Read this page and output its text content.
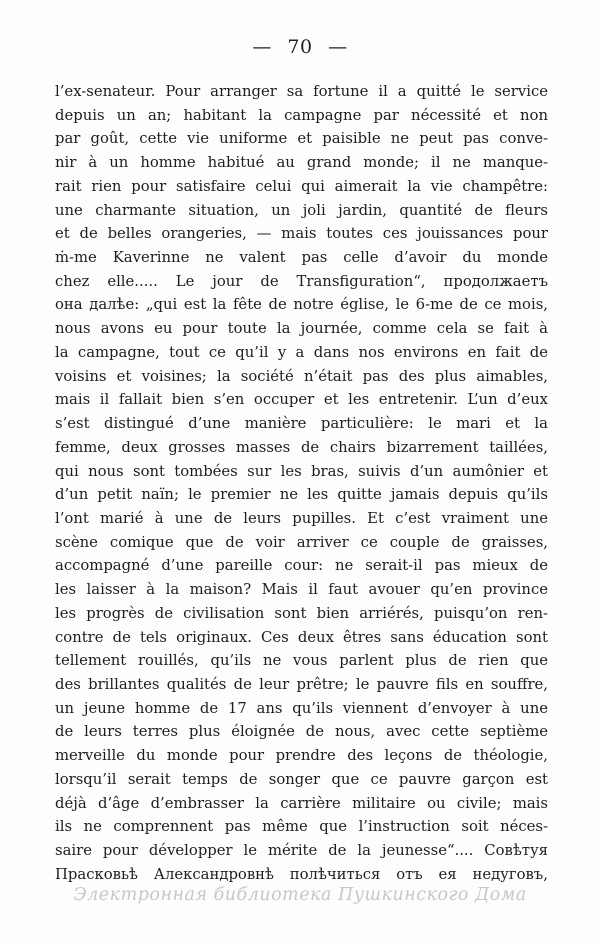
— 70 —
l’ex-senateur. Pour arranger sa fortune il a quitté le service
depuis un an; habitant la campagne par nécessité et non
par goût, cette vie uniforme et paisible ne peut pas conve-
nir à un homme habitué au grand monde; il ne manque-
rait rien pour satisfaire celui qui aimerait la vie champêtre:
une charmante situation, un joli jardin, quantité de fleurs
et de belles orangeries, — mais toutes ces jouissances pour
ṁ-me Kaverinne ne valent pas celle d’avoir du monde
chez elle..... Le jour de Transfiguration“, продолжаетъ
она далѣе: „qui est la fête de notre église, le 6-me de ce mois,
nous avons eu pour toute la journée, comme cela se fait à
la campagne, tout ce qu’il y a dans nos environs en fait de
voisins et voisines; la société n’était pas des plus aimables,
mais il fallait bien s’en occuper et les entretenir. L’un d’eux
s’est distingué d’une manière particulière: le mari et la
femme, deux grosses masses de chairs bizarrement taillées,
qui nous sont tombées sur les bras, suivis d’un aumônier et
d’un petit naïn; le premier ne les quitte jamais depuis qu’ils
l’ont marié à une de leurs pupilles. Et c’est vraiment une
scène comique que de voir arriver ce couple de graisses,
accompagné d’une pareille cour: ne serait-il pas mieux de
les laisser à la maison? Mais il faut avouer qu’en province
les progrès de civilisation sont bien arriérés, puisqu’on ren-
contre de tels originaux. Ces deux êtres sans éducation sont
tellement rouillés, qu’ils ne vous parlent plus de rien que
des brillantes qualités de leur prêtre; le pauvre fils en souffre,
un jeune homme de 17 ans qu’ils viennent d’envoyer à une
de leurs terres plus éloignée de nous, avec cette septième
merveille du monde pour prendre des leçons de théologie,
lorsqu’il serait temps de songer que ce pauvre garçon est
déjà d’âge d’embrasser la carrière militaire ou civile; mais
ils ne comprennent pas même que l’instruction soit néces-
saire pour développer le mérite de la jeunesse“.... Совѣтуя
Прасковьѣ Александровнѣ полѣчиться отъ ея недуговъ,
Электронная библиотека Пушкинского Дома
